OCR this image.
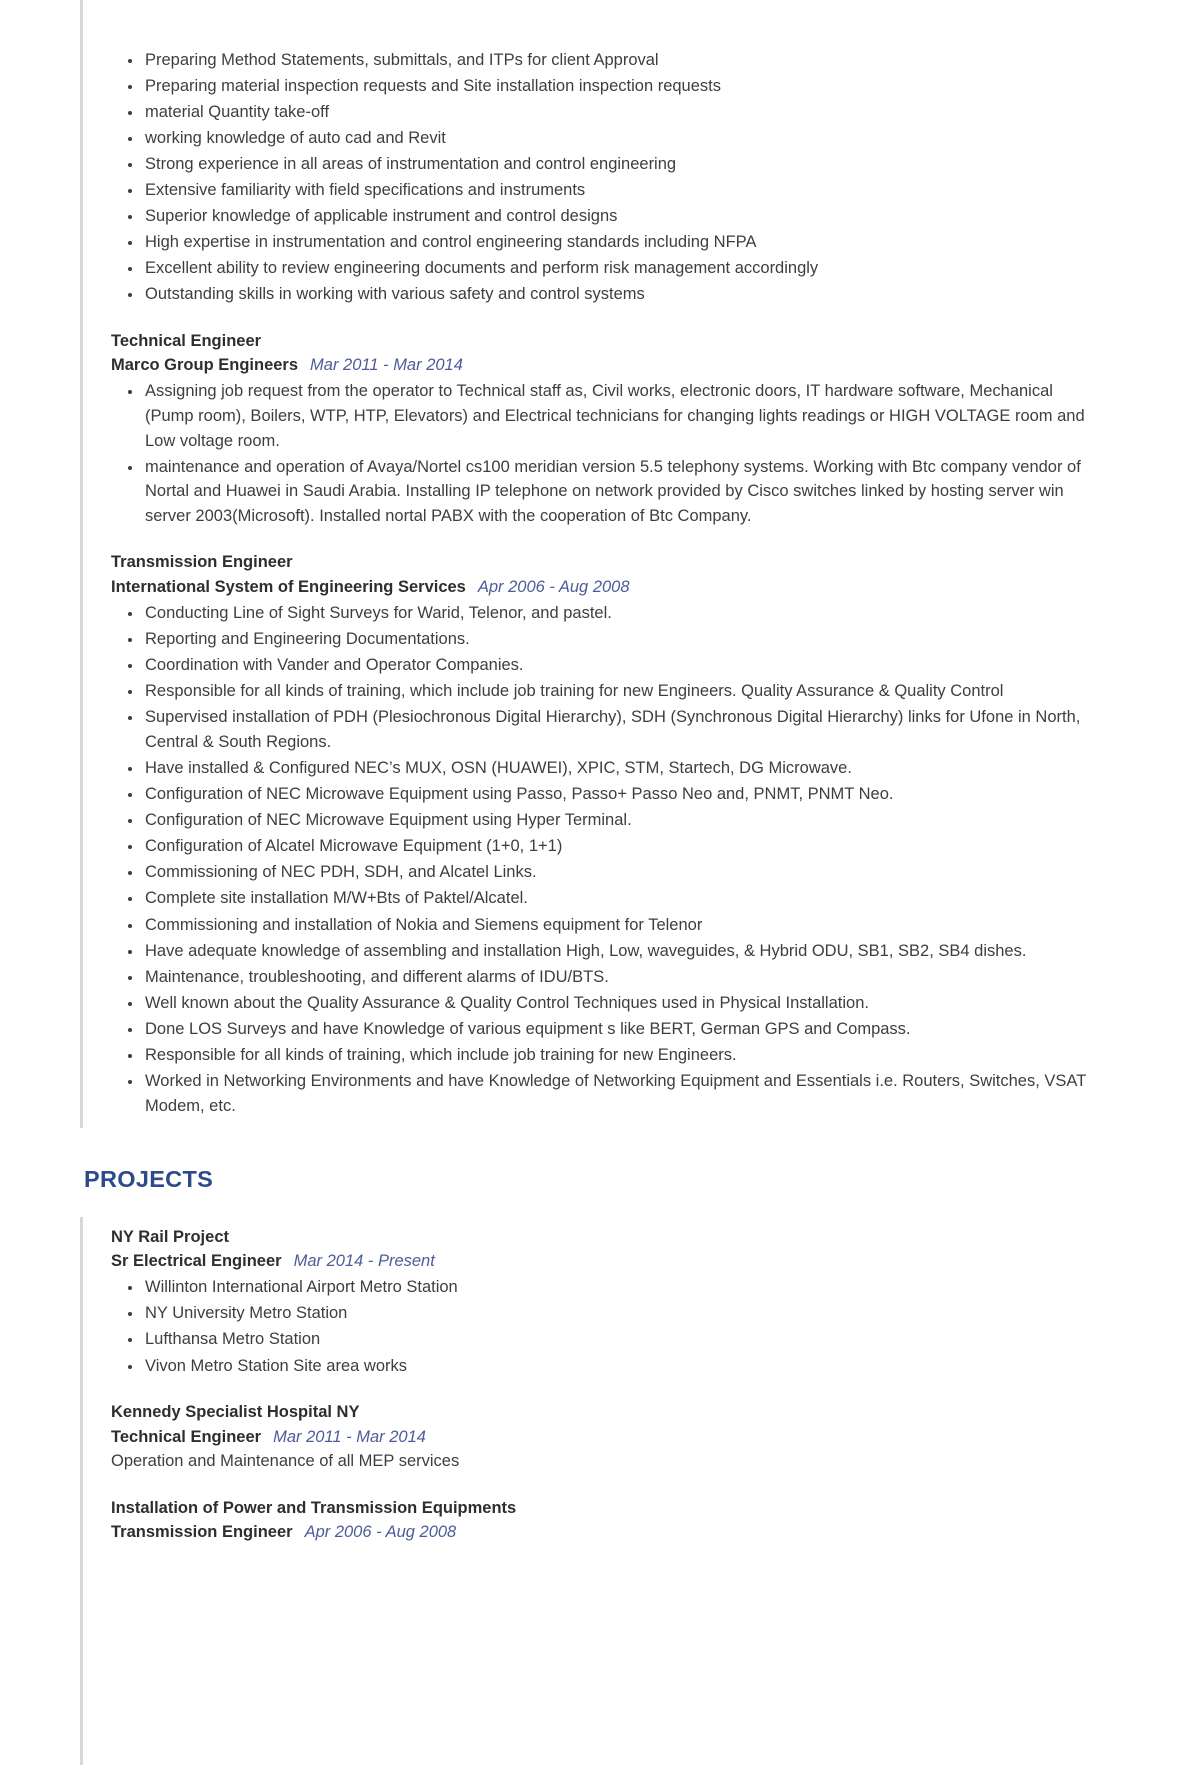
• Preparing Method Statements, submittals, and ITPs for client Approval
• Preparing material inspection requests and Site installation inspection requests
• material Quantity take-off
• working knowledge of auto cad and Revit
• Strong experience in all areas of instrumentation and control engineering
• Extensive familiarity with field specifications and instruments
• Superior knowledge of applicable instrument and control designs
• High expertise in instrumentation and control engineering standards including NFPA
• Excellent ability to review engineering documents and perform risk management accordingly
• Outstanding skills in working with various safety and control systems
Technical Engineer
Marco Group Engineers Mar 2011 - Mar 2014
• Assigning job request from the operator to Technical staff as, Civil works, electronic doors, IT hardware software, Mechanical (Pump room), Boilers, WTP, HTP, Elevators) and Electrical technicians for changing lights readings or HIGH VOLTAGE room and Low voltage room.
• maintenance and operation of Avaya/Nortel cs100 meridian version 5.5 telephony systems. Working with Btc company vendor of Nortal and Huawei in Saudi Arabia. Installing IP telephone on network provided by Cisco switches linked by hosting server win server 2003(Microsoft). Installed nortal PABX with the cooperation of Btc Company.
Transmission Engineer
International System of Engineering Services Apr 2006 - Aug 2008
• Conducting Line of Sight Surveys for Warid, Telenor, and pastel.
• Reporting and Engineering Documentations.
• Coordination with Vander and Operator Companies.
• Responsible for all kinds of training, which include job training for new Engineers. Quality Assurance & Quality Control
• Supervised installation of PDH (Plesiochronous Digital Hierarchy), SDH (Synchronous Digital Hierarchy) links for Ufone in North, Central & South Regions.
• Have installed & Configured NEC’s MUX, OSN (HUAWEI), XPIC, STM, Startech, DG Microwave.
• Configuration of NEC Microwave Equipment using Passo, Passo+ Passo Neo and, PNMT, PNMT Neo.
• Configuration of NEC Microwave Equipment using Hyper Terminal.
• Configuration of Alcatel Microwave Equipment (1+0, 1+1)
• Commissioning of NEC PDH, SDH, and Alcatel Links.
• Complete site installation M/W+Bts of Paktel/Alcatel.
• Commissioning and installation of Nokia and Siemens equipment for Telenor
• Have adequate knowledge of assembling and installation High, Low, waveguides, & Hybrid ODU, SB1, SB2, SB4 dishes.
• Maintenance, troubleshooting, and different alarms of IDU/BTS.
• Well known about the Quality Assurance & Quality Control Techniques used in Physical Installation.
• Done LOS Surveys and have Knowledge of various equipment s like BERT, German GPS and Compass.
• Responsible for all kinds of training, which include job training for new Engineers.
• Worked in Networking Environments and have Knowledge of Networking Equipment and Essentials i.e. Routers, Switches, VSAT Modem, etc.
PROJECTS
NY Rail Project
Sr Electrical Engineer Mar 2014 - Present
• Willinton International Airport Metro Station
• NY University Metro Station
• Lufthansa Metro Station
• Vivon Metro Station Site area works
Kennedy Specialist Hospital NY
Technical Engineer Mar 2011 - Mar 2014
Operation and Maintenance of all MEP services
Installation of Power and Transmission Equipments
Transmission Engineer Apr 2006 - Aug 2008
